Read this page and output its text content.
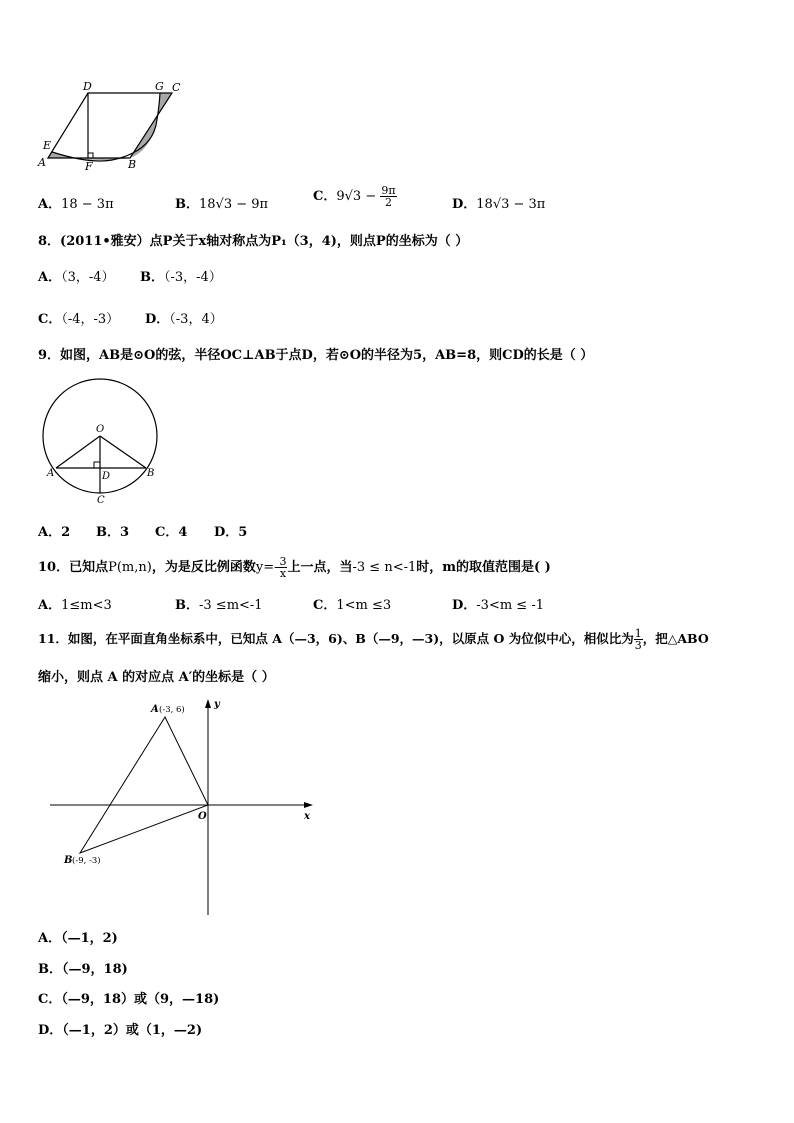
D	G C
E
A	F	B
A．18 − 3π	B．18√3 − 9π
C．$9√3 - \frac{9\pi}{2}$	D．18√3 − 3π
8．(2011•雅安）点P关于x轴对称点为P₁（3，4)，则点P的坐标为（ ）
A．（3，-4） B．（-3，-4）
C．（-4，-3） D．（-3，4）
9．如图，AB是⊙O的弦，半径OC⊥AB于点D，若⊙O的半径为5，AB=8，则CD的长是（ ）
O
A	B
D
C
A．2 B．3 C．4 D．5
10．已知点P(m,n)，为是反比例函数$y=- \frac{3}{x}$ 上一点，当-3 ≤ n<-1时，m的取值范围是( )
A．1≤m<3	B．-3 ≤m<-1	C．1<m ≤3	D．-3<m ≤ -1
11．如图，在平面直角坐标系中，已知点 A（—3，6)、B（—9，—3)，以原点 O 为位似中心，相似比为 $\frac{1}{3}$ ，把△ABO
缩小，则点 A 的对应点 A′的坐标是（ ）
y
x
O
A (-3, 6)
B (-9, -3)
A．（—1，2)
B．（—9，18)
C．（—9，18）或（9，—18)
D．（—1，2）或（1，—2)
